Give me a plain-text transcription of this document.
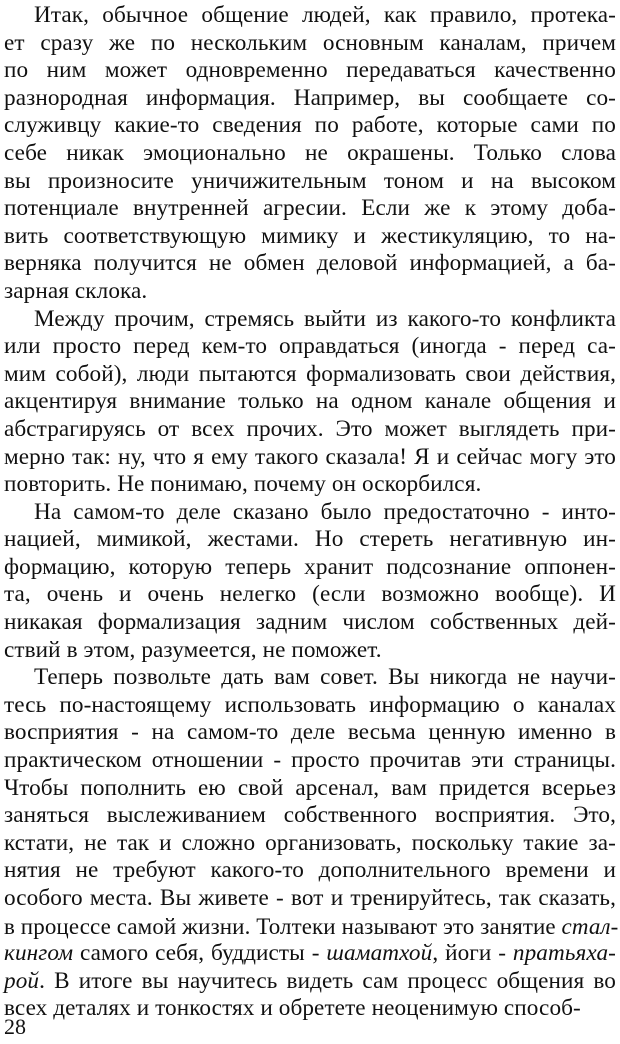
Итак, обычное общение людей, как правило, протека-
ет сразу же по нескольким основным каналам, причем
по ним может одновременно передаваться качественно
разнородная информация. Например, вы сообщаете со-
служивцу какие-то сведения по работе, которые сами по
себе никак эмоционально не окрашены. Только слова
вы произносите уничижительным тоном и на высоком
потенциале внутренней агресии. Если же к этому добa-
вить соответствующую мимику и жестикуляцию, то на-
верняка получится не обмен деловой информацией, а ба-
зарная склока.
Между прочим, стремясь выйти из какого-то конфликта
или просто перед кем-то оправдаться (иногда - перед са-
мим собой), люди пытаются формализовать свои действия,
акцентируя внимание только на одном канале общения и
абстрагируясь от всех прочих. Это может выглядеть при-
мерно так: ну, что я ему такого сказала! Я и сейчас могу это
повторить. Не понимаю, почему он оскорбился.
На самом-то деле сказано было предостаточно - инто-
нацией, мимикой, жестами. Но стереть негативную ин-
формацию, которую теперь хранит подсознание оппонен-
та, очень и очень нелегко (если возможно вообще). И
никакая формализация задним числом собственных дей-
ствий в этом, разумеется, не поможет.
Теперь позвольте дать вам совет. Вы никогда не научи-
тесь по-настоящему использовать информацию о каналах
восприятия - на самом-то деле весьма ценную именно в
практическом отношении - просто прочитав эти страницы.
Чтобы пополнить ею свой арсенал, вам придется всерьез
заняться выслеживанием собственного восприятия. Это,
кстати, не так и сложно организовать, поскольку такие за-
нятия не требуют какого-то дополнительного времени и
особого места. Вы живете - вот и тренируйтесь, так сказать,
в процессе самой жизни. Толтеки называют это занятие стал-
кингом самого себя, буддисты - шаматхой, йоги - пратьяха-
рой. В итоге вы научитесь видеть сам процесс общения во
всех деталях и тонкостях и обретете неоценимую способ-
28
